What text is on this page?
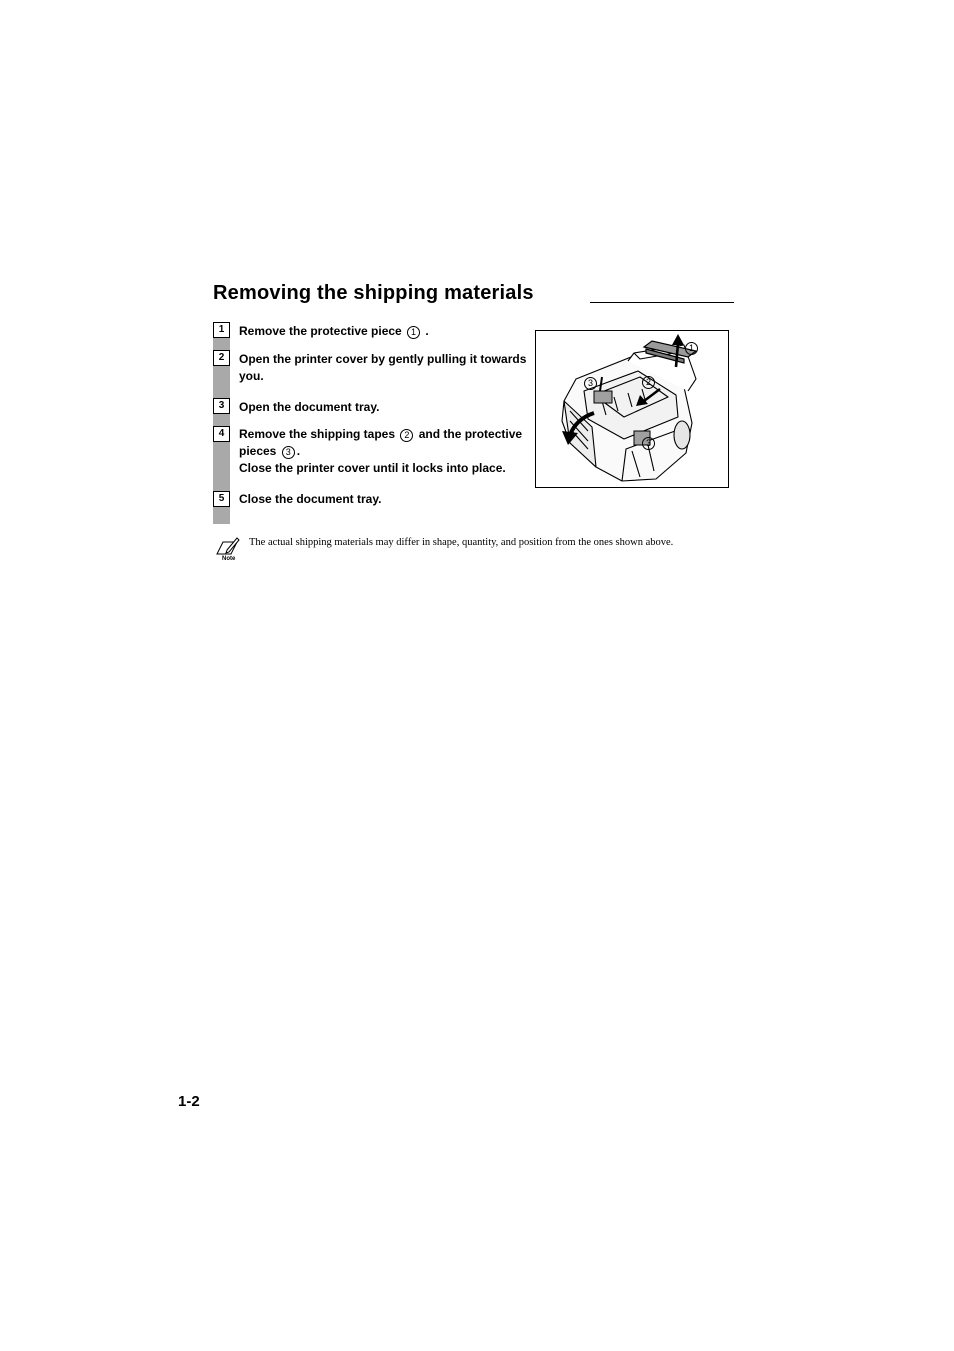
Removing the shipping materials
1	Remove the protective piece 1 .
2	Open the printer cover by gently pulling it towards you.
3	Open the document tray.
4	Remove the shipping tapes 2 and the protective pieces 3 .
Close the printer cover until it locks into place.
5	Close the document tray.
1
2
3
3
Note
The actual shipping materials may differ in shape, quantity, and position from the ones shown above.
1-2
